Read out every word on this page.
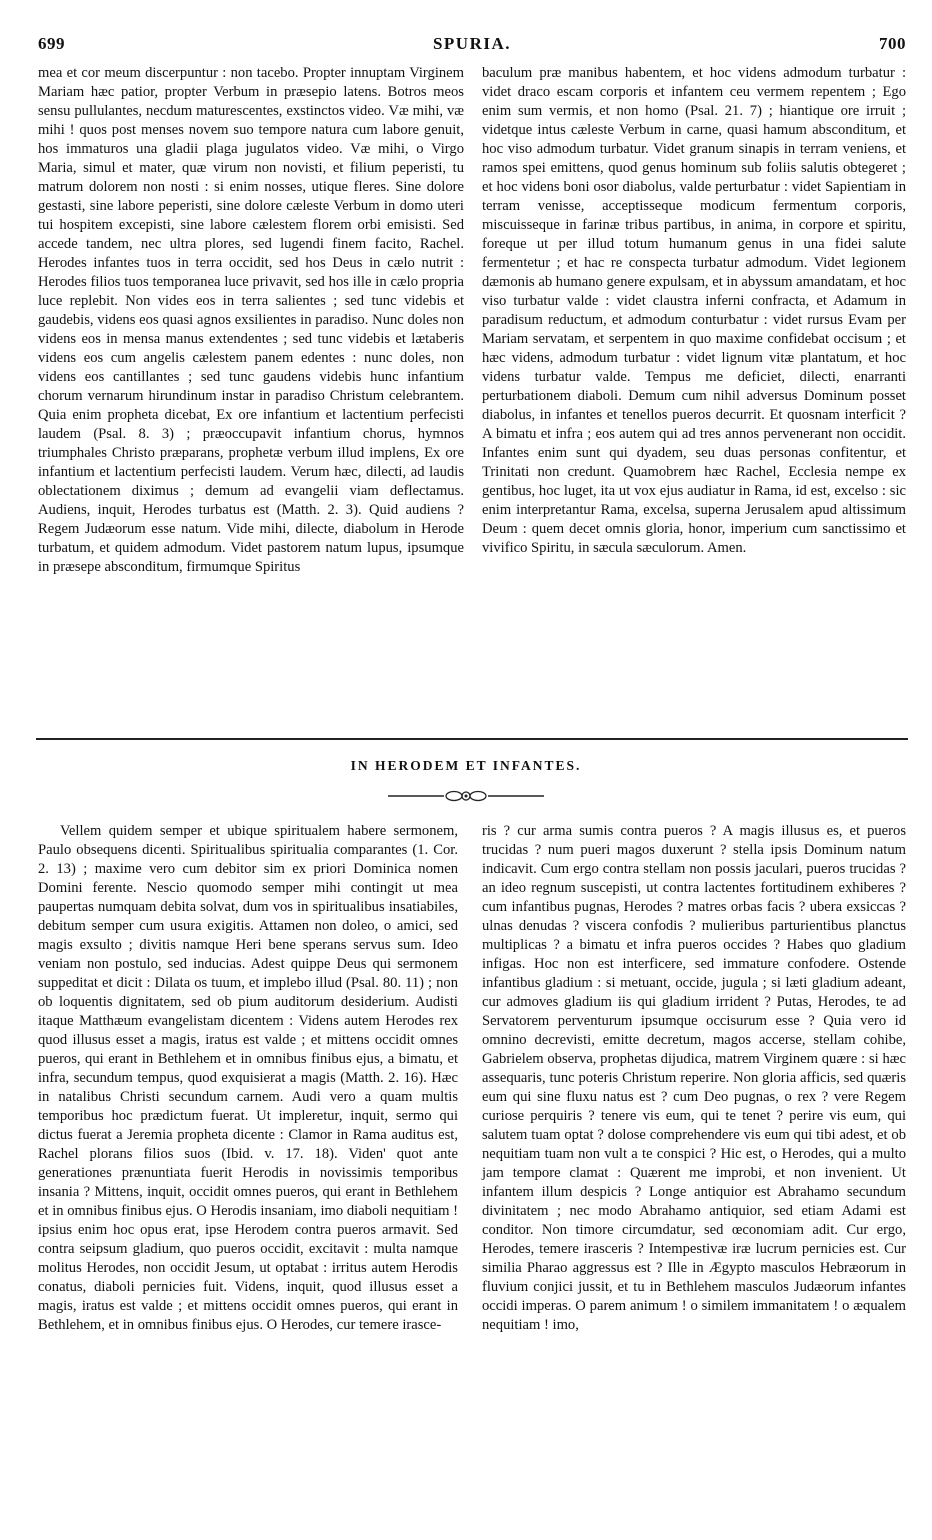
699	SPURIA.	700

mea et cor meum discerpuntur : non tacebo. Propter innuptam Virginem Mariam hæc patior, propter Verbum in præsepio latens. Botros meos sensu pullulantes, necdum maturescentes, exstinctos video. Væ mihi, væ mihi ! quos post menses novem suo tempore natura cum labore genuit, hos immaturos una gladii plaga jugulatos video. Væ mihi, o Virgo Maria, simul et mater, quæ virum non novisti, et filium peperisti, tu matrum dolorem non nosti : si enim nosses, utique fleres. Sine dolore gestasti, sine labore peperisti, sine dolore cæleste Verbum in domo uteri tui hospitem excepisti, sine labore cælestem florem orbi emisisti. Sed accede tandem, nec ultra plores, sed lugendi finem facito, Rachel. Herodes infantes tuos in terra occidit, sed hos Deus in cælo nutrit : Herodes filios tuos temporanea luce privavit, sed hos ille in cælo propria luce replebit. Non vides eos in terra salientes ; sed tunc videbis et gaudebis, videns eos quasi agnos exsilientes in paradiso. Nunc doles non videns eos in mensa manus extendentes ; sed tunc videbis et lætaberis videns eos cum angelis cælestem panem edentes : nunc doles, non videns eos cantillantes ; sed tunc gaudens videbis hunc infantium chorum vernarum hirundinum instar in paradiso Christum celebrantem. Quia enim propheta dicebat, Ex ore infantium et lactentium perfecisti laudem (Psal. 8. 3) ; præoccupavit infantium chorus, hymnos triumphales Christo præparans, prophetæ verbum illud implens, Ex ore infantium et lactentium perfecisti laudem. Verum hæc, dilecti, ad laudis oblectationem diximus ; demum ad evangelii viam deflectamus. Audiens, inquit, Herodes turbatus est (Matth. 2. 3). Quid audiens ? Regem Judæorum esse natum. Vide mihi, dilecte, diabolum in Herode turbatum, et quidem admodum. Videt pastorem natum lupus, ipsumque in præsepe absconditum, firmumque Spiritus

baculum præ manibus habentem, et hoc videns admodum turbatur : videt draco escam corporis et infantem ceu vermem repentem ; Ego enim sum vermis, et non homo (Psal. 21. 7) ; hiantique ore irruit ; videtque intus cæleste Verbum in carne, quasi hamum absconditum, et hoc viso admodum turbatur. Videt granum sinapis in terram veniens, et ramos spei emittens, quod genus hominum sub foliis salutis obtegeret ; et hoc videns boni osor diabolus, valde perturbatur : videt Sapientiam in terram venisse, acceptisseque modicum fermentum corporis, miscuisseque in farinæ tribus partibus, in anima, in corpore et spiritu, foreque ut per illud totum humanum genus in una fidei salute fermentetur ; et hac re conspecta turbatur admodum. Videt legionem dæmonis ab humano genere expulsam, et in abyssum amandatam, et hoc viso turbatur valde : videt claustra inferni confracta, et Adamum in paradisum reductum, et admodum conturbatur : videt rursus Evam per Mariam servatam, et serpentem in quo maxime confidebat occisum ; et hæc videns, admodum turbatur : videt lignum vitæ plantatum, et hoc videns turbatur valde. Tempus me deficiet, dilecti, enarranti perturbationem diaboli. Demum cum nihil adversus Dominum posset diabolus, in infantes et tenellos pueros decurrit. Et quosnam interficit ? A bimatu et infra ; eos autem qui ad tres annos pervenerant non occidit. Infantes enim sunt qui dyadem, seu duas personas confitentur, et Trinitati non credunt. Quamobrem hæc Rachel, Ecclesia nempe ex gentibus, hoc luget, ita ut vox ejus audiatur in Rama, id est, excelso : sic enim interpretantur Rama, excelsa, superna Jerusalem apud altissimum Deum : quem decet omnis gloria, honor, imperium cum sanctissimo et vivifico Spiritu, in sæcula sæculorum. Amen.

IN HERODEM ET INFANTES.

Vellem quidem semper et ubique spiritualem habere sermonem, Paulo obsequens dicenti. Spiritualibus spiritualia comparantes (1. Cor. 2. 13) ; maxime vero cum debitor sim ex priori Dominica nomen Domini ferente. Nescio quomodo semper mihi contingit ut mea paupertas numquam debita solvat, dum vos in spiritualibus insatiabiles, debitum semper cum usura exigitis. Attamen non doleo, o amici, sed magis exsulto ; divitis namque Heri bene sperans servus sum. Ideo veniam non postulo, sed inducias. Adest quippe Deus qui sermonem suppeditat et dicit : Dilata os tuum, et implebo illud (Psal. 80. 11) ; non ob loquentis dignitatem, sed ob pium auditorum desiderium. Audisti itaque Matthæum evangelistam dicentem : Videns autem Herodes rex quod illusus esset a magis, iratus est valde ; et mittens occidit omnes pueros, qui erant in Bethlehem et in omnibus finibus ejus, a bimatu, et infra, secundum tempus, quod exquisierat a magis (Matth. 2. 16). Hæc in natalibus Christi secundum carnem. Audi vero a quam multis temporibus hoc prædictum fuerat. Ut impleretur, inquit, sermo qui dictus fuerat a Jeremia propheta dicente : Clamor in Rama auditus est, Rachel plorans filios suos (Ibid. v. 17. 18). Viden' quot ante generationes prænuntiata fuerit Herodis in novissimis temporibus insania ? Mittens, inquit, occidit omnes pueros, qui erant in Bethlehem et in omnibus finibus ejus. O Herodis insaniam, imo diaboli nequitiam ! ipsius enim hoc opus erat, ipse Herodem contra pueros armavit. Sed contra seipsum gladium, quo pueros occidit, excitavit : multa namque molitus Herodes, non occidit Jesum, ut optabat : irritus autem Herodis conatus, diaboli pernicies fuit. Videns, inquit, quod illusus esset a magis, iratus est valde ; et mittens occidit omnes pueros, qui erant in Bethlehem, et in omnibus finibus ejus. O Herodes, cur temere irasce-

ris ? cur arma sumis contra pueros ? A magis illusus es, et pueros trucidas ? num pueri magos duxerunt ? stella ipsis Dominum natum indicavit. Cum ergo contra stellam non possis jaculari, pueros trucidas ? an ideo regnum suscepisti, ut contra lactentes fortitudinem exhiberes ? cum infantibus pugnas, Herodes ? matres orbas facis ? ubera exsiccas ? ulnas denudas ? viscera confodis ? mulieribus parturientibus planctus multiplicas ? a bimatu et infra pueros occides ? Habes quo gladium infigas. Hoc non est interficere, sed immature confodere. Ostende infantibus gladium : si metuant, occide, jugula ; si læti gladium adeant, cur admoves gladium iis qui gladium irrident ? Putas, Herodes, te ad Servatorem perventurum ipsumque occisurum esse ? Quia vero id omnino decrevisti, emitte decretum, magos accerse, stellam cohibe, Gabrielem observa, prophetas dijudica, matrem Virginem quære : si hæc assequaris, tunc poteris Christum reperire. Non gloria afficis, sed quæris eum qui sine fluxu natus est ? cum Deo pugnas, o rex ? vere Regem curiose perquiris ? tenere vis eum, qui te tenet ? perire vis eum, qui salutem tuam optat ? dolose comprehendere vis eum qui tibi adest, et ob nequitiam tuam non vult a te conspici ? Hic est, o Herodes, qui a multo jam tempore clamat : Quærent me improbi, et non invenient. Ut infantem illum despicis ? Longe antiquior est Abrahamo secundum divinitatem ; nec modo Abrahamo antiquior, sed etiam Adami est conditor. Non timore circumdatur, sed œconomiam adit. Cur ergo, Herodes, temere irasceris ? Intempestivæ iræ lucrum pernicies est. Cur similia Pharao aggressus est ? Ille in Ægypto masculos Hebræorum in fluvium conjici jussit, et tu in Bethlehem masculos Judæorum infantes occidi imperas. O parem animum ! o similem immanitatem ! o æqualem nequitiam ! imo,
